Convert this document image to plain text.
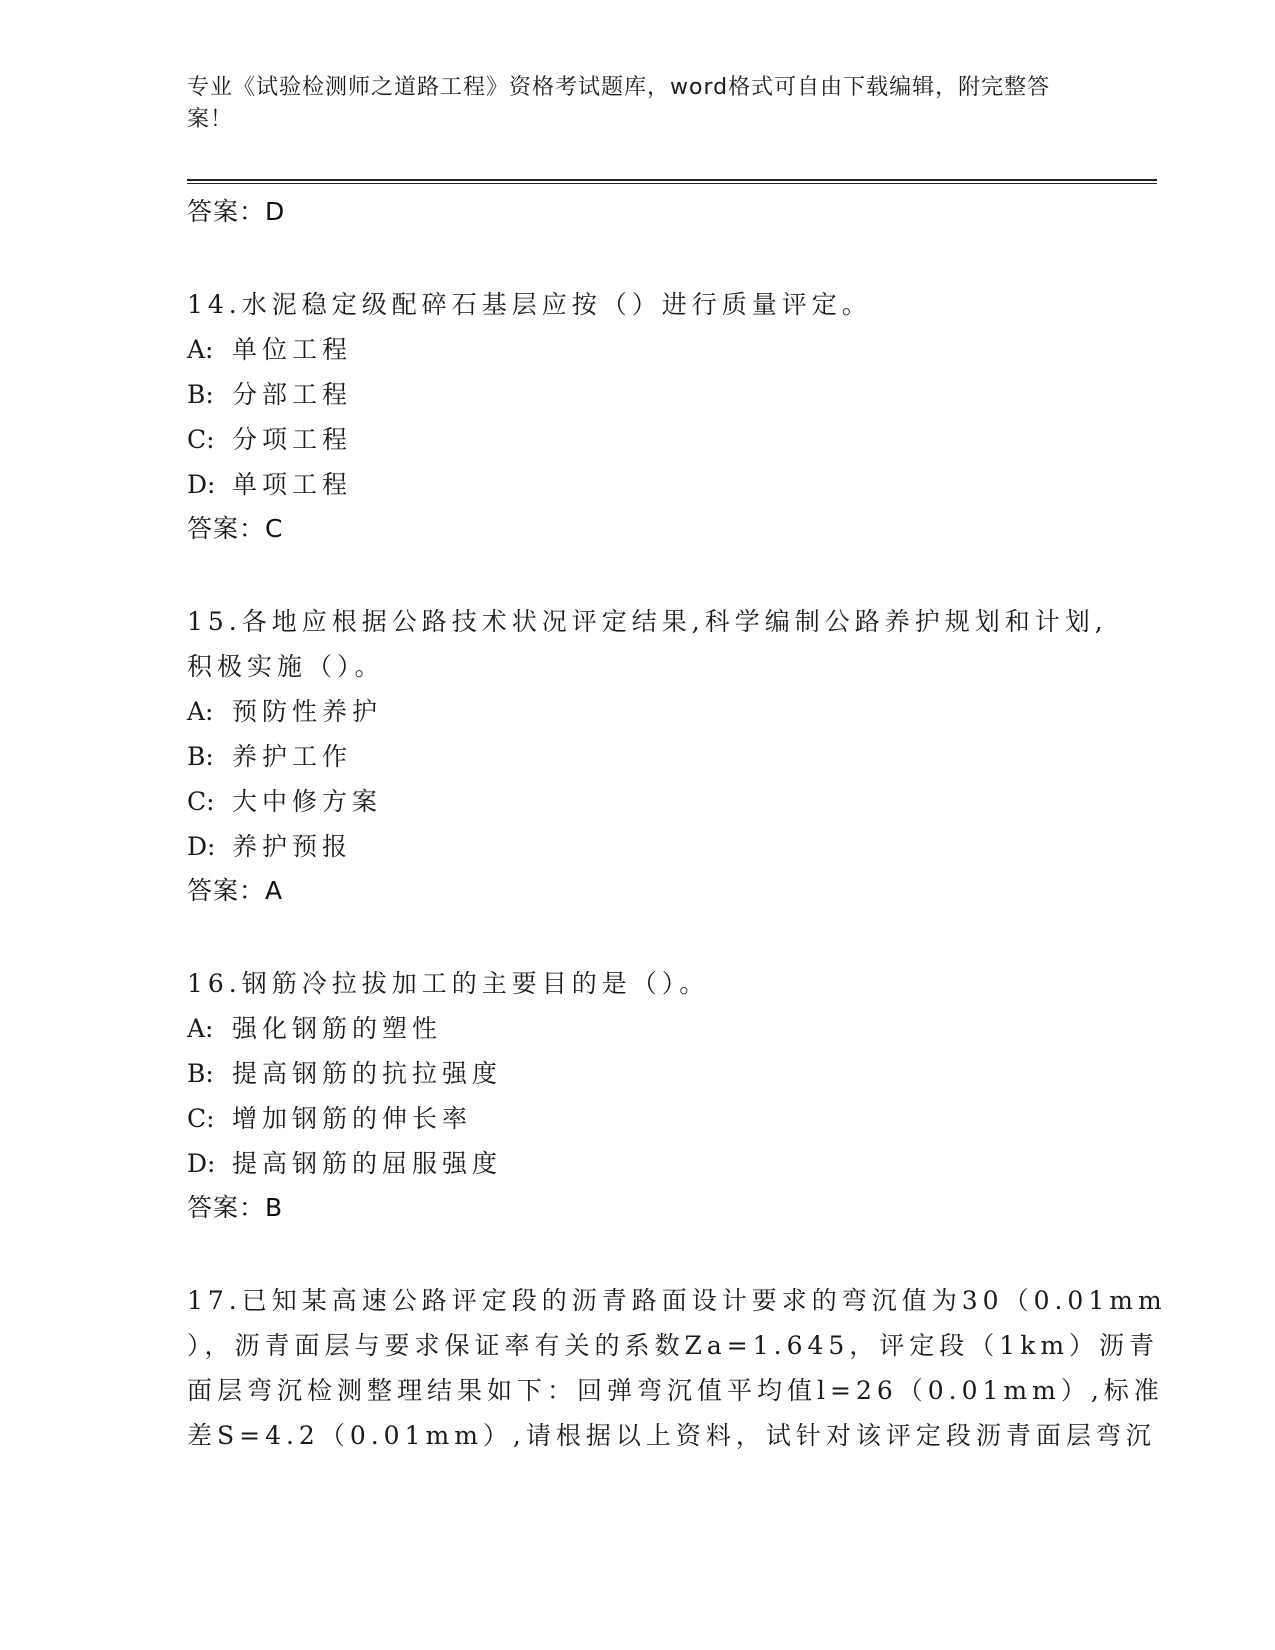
专业《试验检测师之道路工程》资格考试题库，word格式可自由下载编辑，附完整答案！
答案：D
14.水泥稳定级配碎石基层应按（）进行质量评定。
A: 单位工程
B: 分部工程
C: 分项工程
D: 单项工程
答案：C
15.各地应根据公路技术状况评定结果,科学编制公路养护规划和计划,
积极实施（）。
A: 预防性养护
B: 养护工作
C: 大中修方案
D: 养护预报
答案：A
16.钢筋冷拉拔加工的主要目的是（）。
A: 强化钢筋的塑性
B: 提高钢筋的抗拉强度
C: 增加钢筋的伸长率
D: 提高钢筋的屈服强度
答案：B
17.已知某高速公路评定段的沥青路面设计要求的弯沉值为30（0.01mm
），沥青面层与要求保证率有关的系数Za=1.645，评定段（1km）沥青
面层弯沉检测整理结果如下：回弹弯沉值平均值l=26（0.01mm）,标准
差S=4.2（0.01mm）,请根据以上资料，试针对该评定段沥青面层弯沉
